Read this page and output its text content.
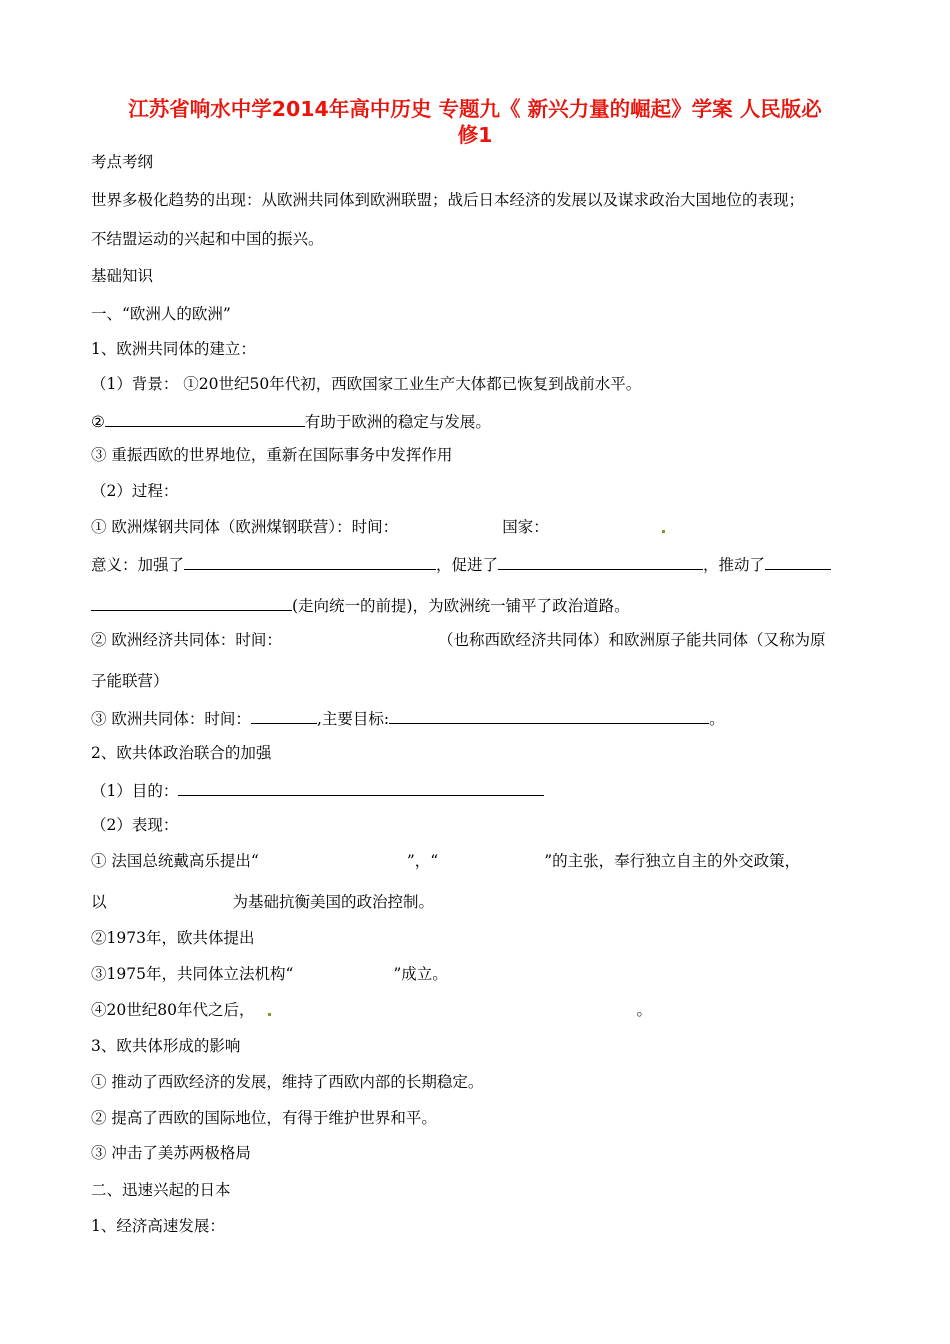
江苏省响水中学2014年高中历史 专题九《 新兴力量的崛起》学案 人民版必
修1
考点考纲
世界多极化趋势的出现：从欧洲共同体到欧洲联盟；战后日本经济的发展以及谋求政治大国地位的表现；
不结盟运动的兴起和中国的振兴。
基础知识
一、“欧洲人的欧洲”
1、欧洲共同体的建立：
（1）背景： ①20世纪50年代初，西欧国家工业生产大体都已恢复到战前水平。
②	有助于欧洲的稳定与发展。
③ 重振西欧的世界地位，重新在国际事务中发挥作用
（2）过程：
① 欧洲煤钢共同体（欧洲煤钢联营）：时间：	国家：
意义：加强了	，促进了	，推动了
(走向统一的前提)，为欧洲统一铺平了政治道路。
② 欧洲经济共同体：时间：	（也称西欧经济共同体）和欧洲原子能共同体（又称为原
子能联营）
③ 欧洲共同体：时间：	,主要目标:	。
2、欧共体政治联合的加强
（1）目的：
（2）表现：
① 法国总统戴高乐提出“	”，“	”的主张，奉行独立自主的外交政策，
以	为基础抗衡美国的政治控制。
②1973年，欧共体提出
③1975年，共同体立法机构“	”成立。
④20世纪80年代之后，	。
3、欧共体形成的影响
① 推动了西欧经济的发展，维持了西欧内部的长期稳定。
② 提高了西欧的国际地位，有得于维护世界和平。
③ 冲击了美苏两极格局
二、迅速兴起的日本
1、经济高速发展：
